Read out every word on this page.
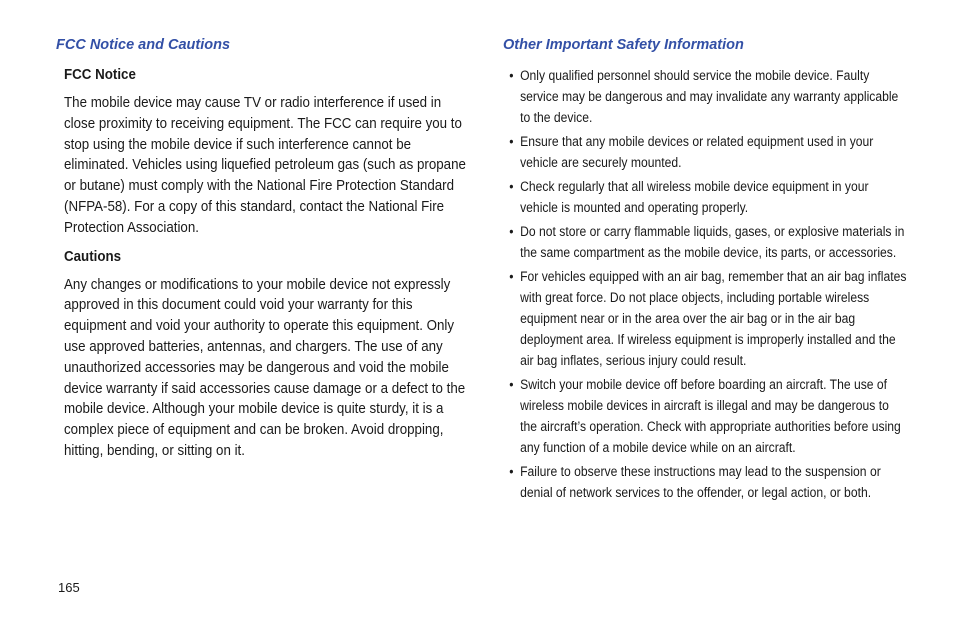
FCC Notice and Cautions
FCC Notice

The mobile device may cause TV or radio interference if used in close proximity to receiving equipment. The FCC can require you to stop using the mobile device if such interference cannot be eliminated. Vehicles using liquefied petroleum gas (such as propane or butane) must comply with the National Fire Protection Standard (NFPA-58). For a copy of this standard, contact the National Fire Protection Association.

Cautions

Any changes or modifications to your mobile device not expressly approved in this document could void your warranty for this equipment and void your authority to operate this equipment. Only use approved batteries, antennas, and chargers. The use of any unauthorized accessories may be dangerous and void the mobile device warranty if said accessories cause damage or a defect to the mobile device. Although your mobile device is quite sturdy, it is a complex piece of equipment and can be broken. Avoid dropping, hitting, bending, or sitting on it.

Other Important Safety Information
• Only qualified personnel should service the mobile device. Faulty service may be dangerous and may invalidate any warranty applicable to the device.
• Ensure that any mobile devices or related equipment used in your vehicle are securely mounted.
• Check regularly that all wireless mobile device equipment in your vehicle is mounted and operating properly.
• Do not store or carry flammable liquids, gases, or explosive materials in the same compartment as the mobile device, its parts, or accessories.
• For vehicles equipped with an air bag, remember that an air bag inflates with great force. Do not place objects, including portable wireless equipment near or in the area over the air bag or in the air bag deployment area. If wireless equipment is improperly installed and the air bag inflates, serious injury could result.
• Switch your mobile device off before boarding an aircraft. The use of wireless mobile devices in aircraft is illegal and may be dangerous to the aircraft’s operation. Check with appropriate authorities before using any function of a mobile device while on an aircraft.
• Failure to observe these instructions may lead to the suspension or denial of network services to the offender, or legal action, or both.
165
